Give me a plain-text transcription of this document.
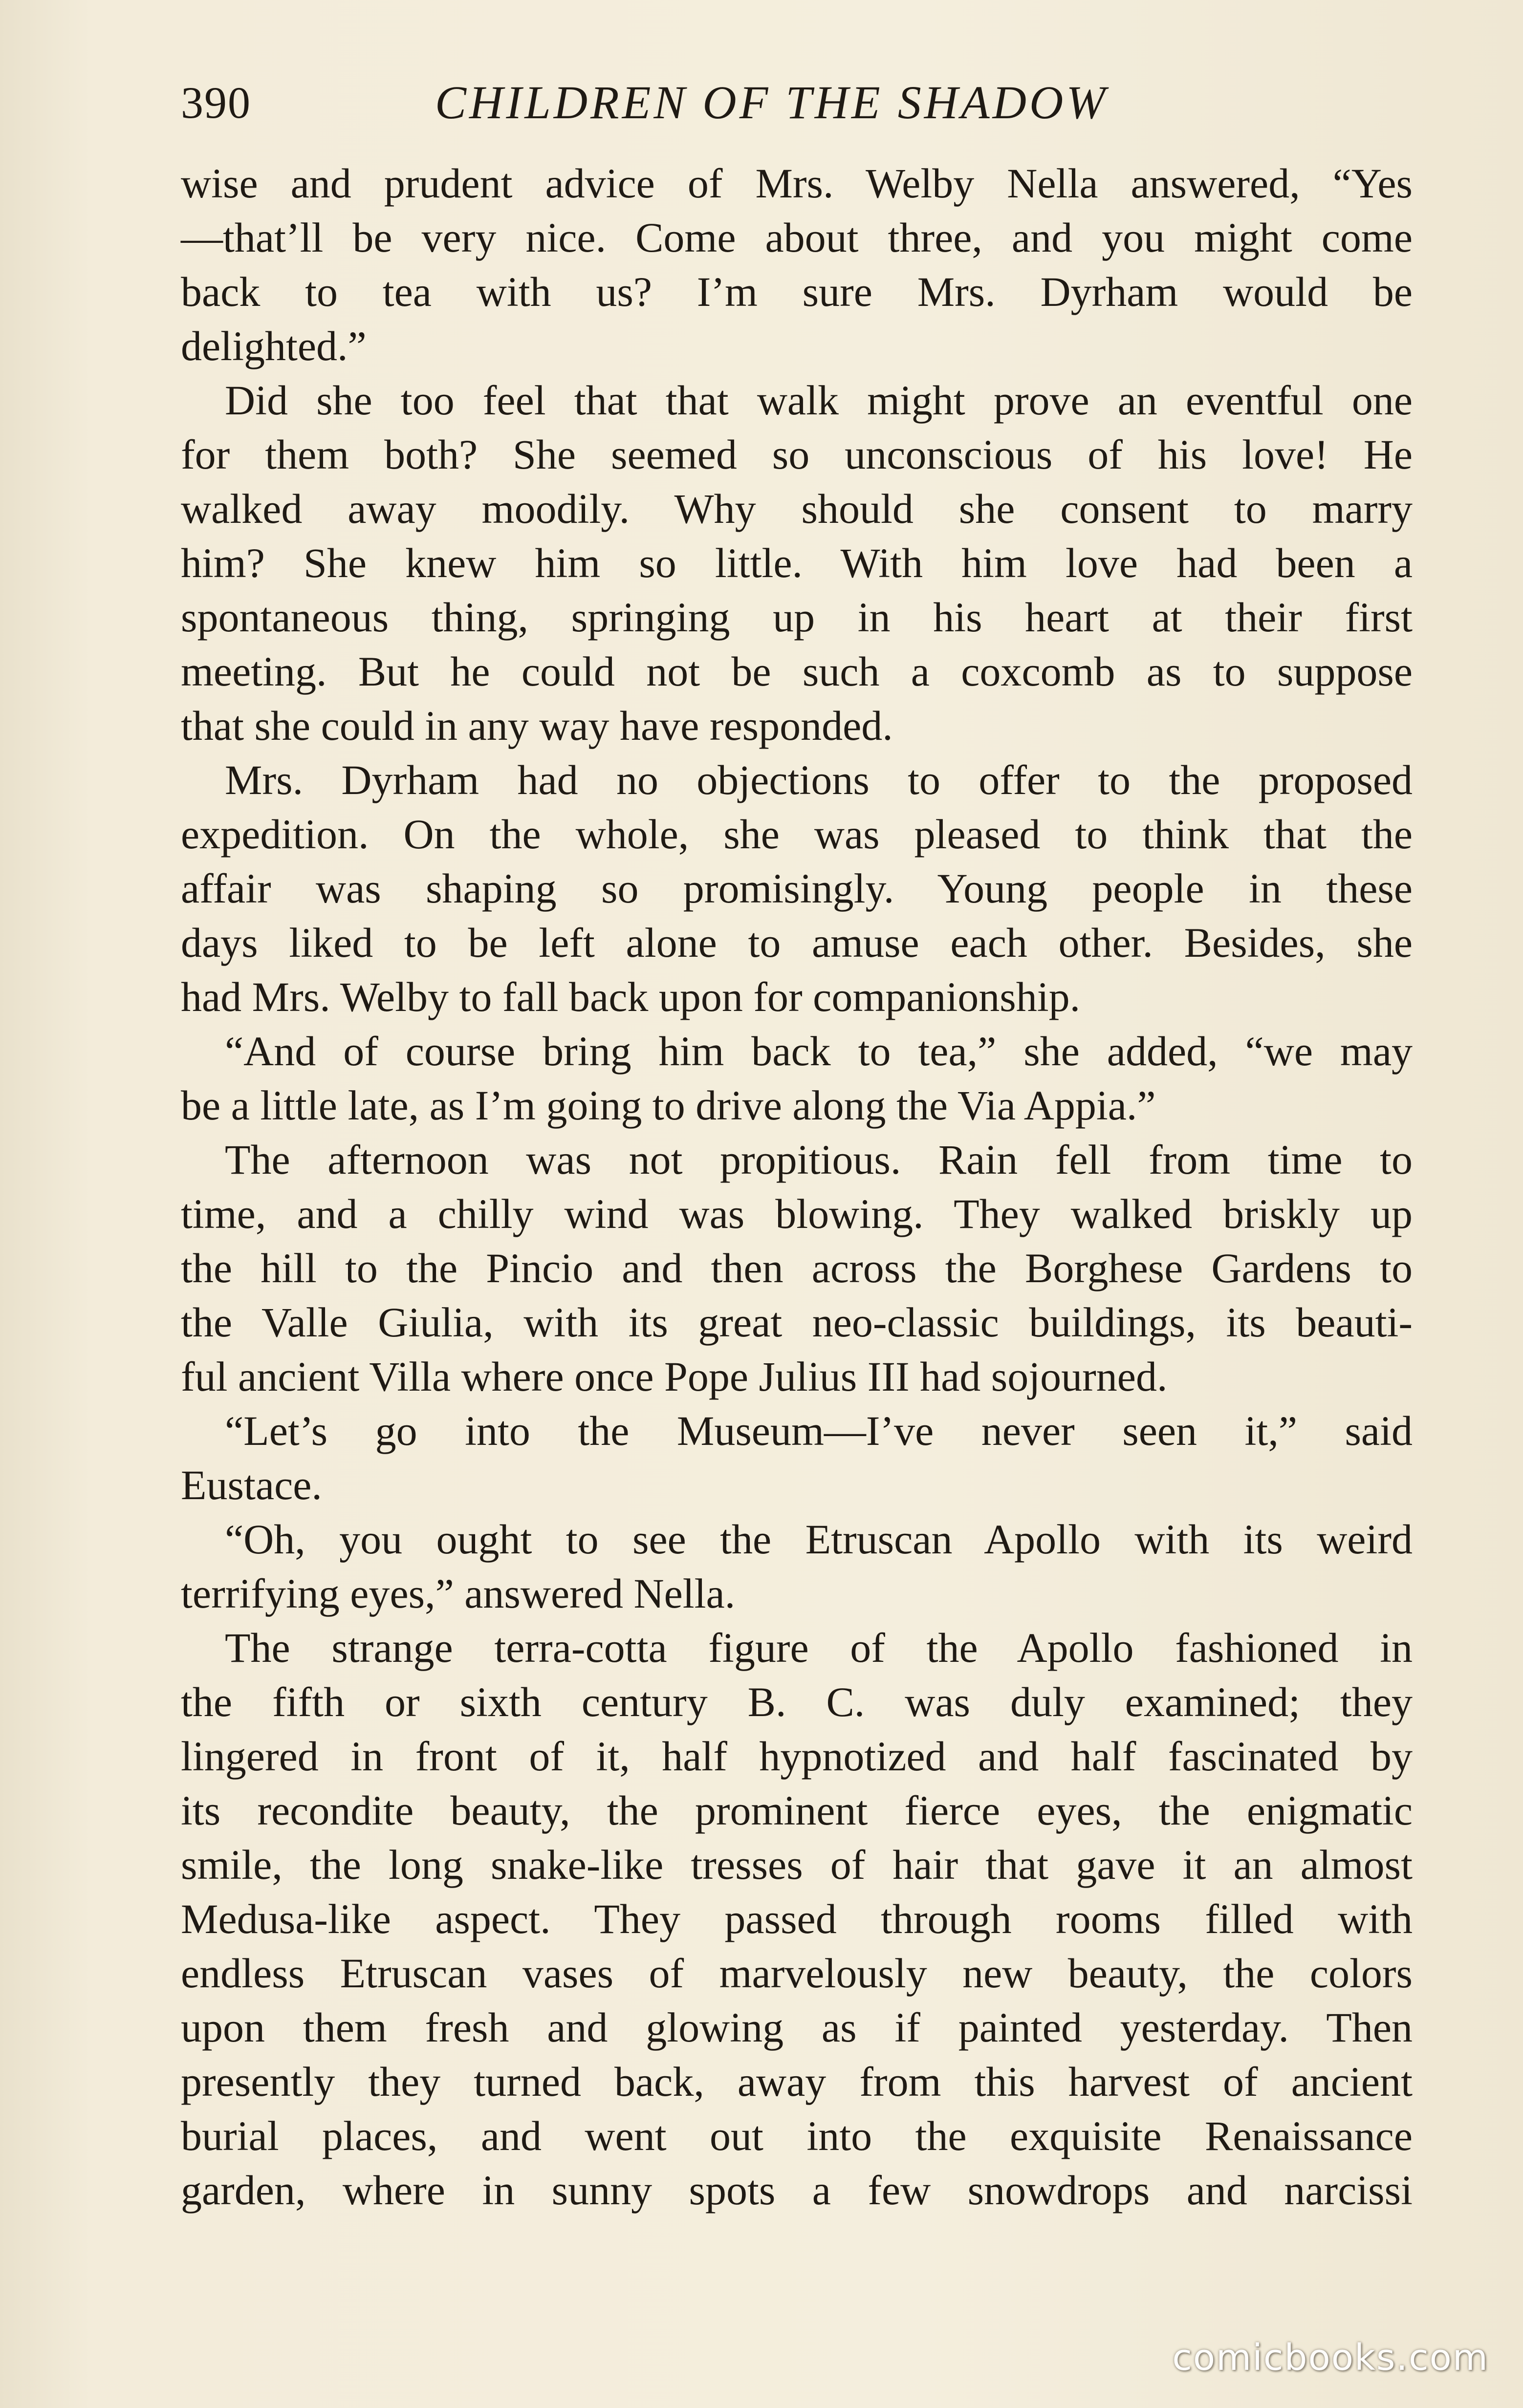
390	CHILDREN OF THE SHADOW
wise and prudent advice of Mrs. Welby Nella answered, “Yes
—that’ll be very nice. Come about three, and you might come
back to tea with us? I’m sure Mrs. Dyrham would be
delighted.”
Did she too feel that that walk might prove an eventful one
for them both? She seemed so unconscious of his love! He
walked away moodily. Why should she consent to marry
him? She knew him so little. With him love had been a
spontaneous thing, springing up in his heart at their first
meeting. But he could not be such a coxcomb as to suppose
that she could in any way have responded.
Mrs. Dyrham had no objections to offer to the proposed
expedition. On the whole, she was pleased to think that the
affair was shaping so promisingly. Young people in these
days liked to be left alone to amuse each other. Besides, she
had Mrs. Welby to fall back upon for companionship.
“And of course bring him back to tea,” she added, “we may
be a little late, as I’m going to drive along the Via Appia.”
The afternoon was not propitious. Rain fell from time to
time, and a chilly wind was blowing. They walked briskly up
the hill to the Pincio and then across the Borghese Gardens to
the Valle Giulia, with its great neo-classic buildings, its beauti-
ful ancient Villa where once Pope Julius III had sojourned.
“Let’s go into the Museum—I’ve never seen it,” said
Eustace.
“Oh, you ought to see the Etruscan Apollo with its weird
terrifying eyes,” answered Nella.
The strange terra-cotta figure of the Apollo fashioned in
the fifth or sixth century B. C. was duly examined; they
lingered in front of it, half hypnotized and half fascinated by
its recondite beauty, the prominent fierce eyes, the enigmatic
smile, the long snake-like tresses of hair that gave it an almost
Medusa-like aspect. They passed through rooms filled with
endless Etruscan vases of marvelously new beauty, the colors
upon them fresh and glowing as if painted yesterday. Then
presently they turned back, away from this harvest of ancient
burial places, and went out into the exquisite Renaissance
garden, where in sunny spots a few snowdrops and narcissi
comicbooks.com
